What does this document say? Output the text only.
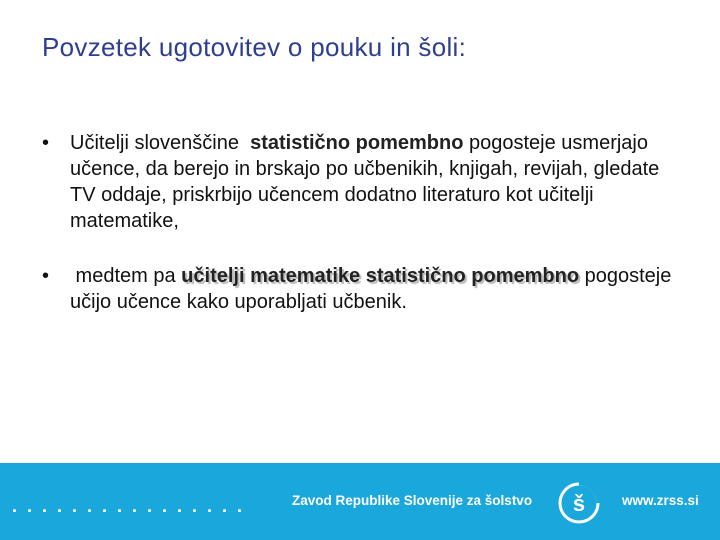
Povzetek ugotovitev o pouku in šoli:
• Učitelji slovenščine  statistično pomembno pogosteje usmerjajo učence, da berejo in brskajo po učbenikih, knjigah, revijah, gledate TV oddaje, priskrbijo učencem dodatno literaturo kot učitelji matematike,
• medtem pa učitelji matematike statistično pomembno pogosteje učijo učence kako uporabljati učbenik.
................	Zavod Republike Slovenije za šolstvo š	www.zrss.si
